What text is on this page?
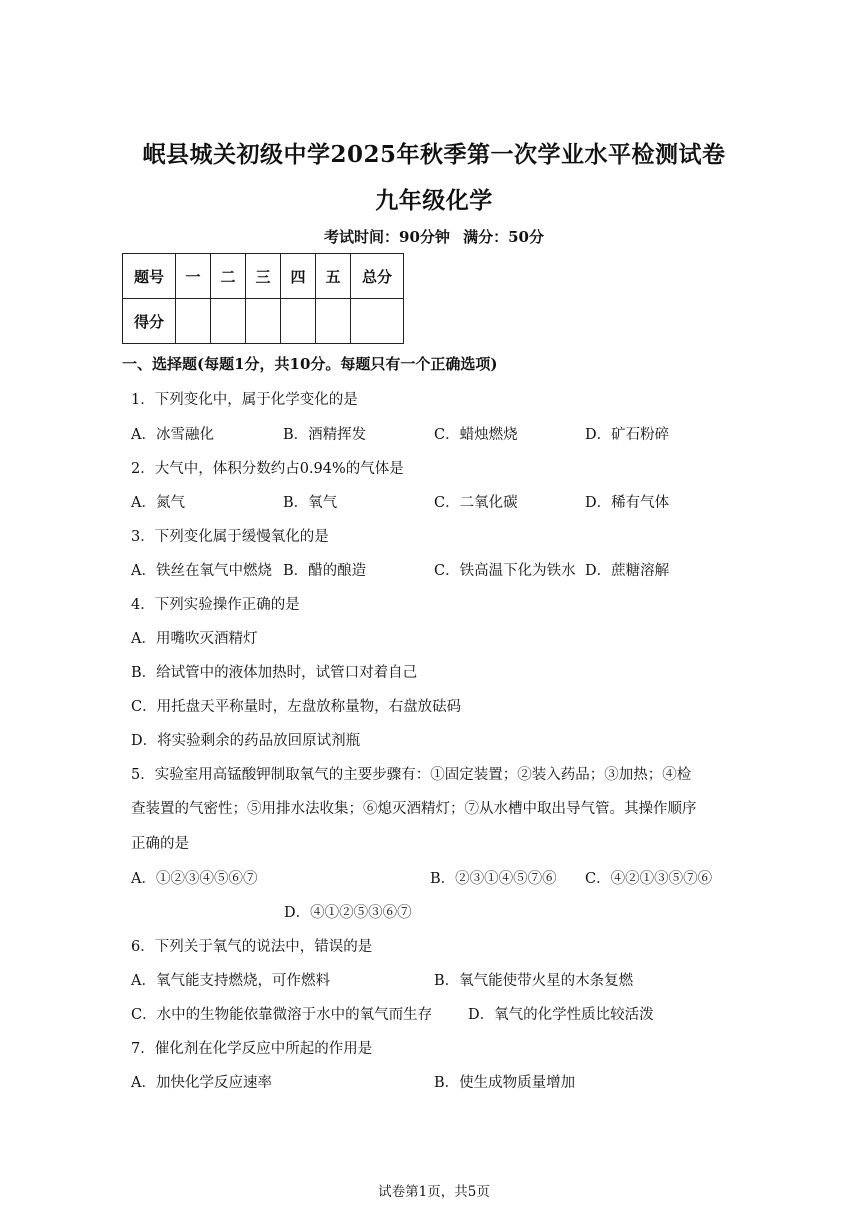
岷县城关初级中学2025年秋季第一次学业水平检测试卷
九年级化学
考试时间：90分钟 满分：50分
题号	一	二	三	四	五	总分
得分						
一、选择题(每题1分，共10分。每题只有一个正确选项)
1．下列变化中，属于化学变化的是
A．冰雪融化	B．酒精挥发	C．蜡烛燃烧	D．矿石粉碎
2．大气中，体积分数约占0.94%的气体是
A．氮气	B．氧气	C．二氧化碳	D．稀有气体
3．下列变化属于缓慢氧化的是
A．铁丝在氧气中燃烧 B．醋的酿造	C．铁高温下化为铁水 D．蔗糖溶解
4．下列实验操作正确的是
A．用嘴吹灭酒精灯
B．给试管中的液体加热时，试管口对着自己
C．用托盘天平称量时，左盘放称量物，右盘放砝码
D．将实验剩余的药品放回原试剂瓶
5．实验室用高锰酸钾制取氧气的主要步骤有：①固定装置；②装入药品；③加热；④检
查装置的气密性；⑤用排水法收集；⑥熄灭酒精灯；⑦从水槽中取出导气管。其操作顺序
正确的是
A．①②③④⑤⑥⑦	B．②③①④⑤⑦⑥ C．④②①③⑤⑦⑥
D．④①②⑤③⑥⑦
6．下列关于氧气的说法中，错误的是
A．氧气能支持燃烧，可作燃料	B．氧气能使带火星的木条复燃
C．水中的生物能依靠微溶于水中的氧气而生存 D．氧气的化学性质比较活泼
7．催化剂在化学反应中所起的作用是
A．加快化学反应速率	B．使生成物质量增加
试卷第1页，共5页
